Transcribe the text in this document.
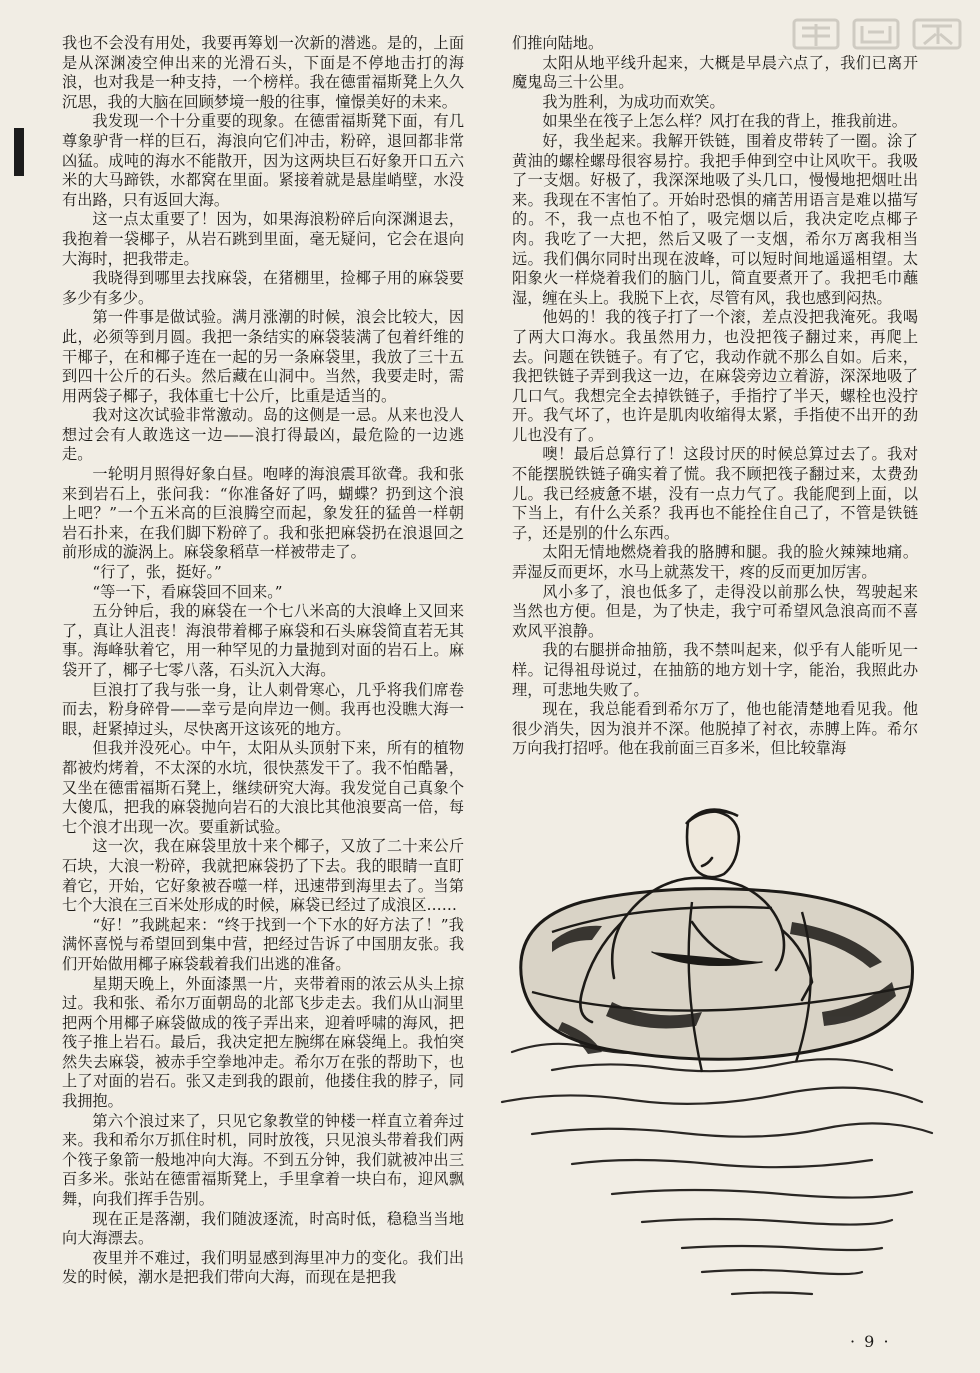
我也不会没有用处，我要再筹划一次新的潜逃。是的，上面是从深渊凌空伸出来的光滑石头，下面是不停地击打的海浪，也对我是一种支持，一个榜样。我在德雷福斯凳上久久沉思，我的大脑在回顾梦境一般的往事，憧憬美好的未来。

我发现一个十分重要的现象。在德雷福斯凳下面，有几尊象驴背一样的巨石，海浪向它们冲击，粉碎，退回都非常凶猛。成吨的海水不能散开，因为这两块巨石好象开口五六米的大马蹄铁，水都窝在里面。紧接着就是悬崖峭壁，水没有出路，只有返回大海。

这一点太重要了！因为，如果海浪粉碎后向深渊退去，我抱着一袋椰子，从岩石跳到里面，毫无疑问，它会在退向大海时，把我带走。

我晓得到哪里去找麻袋，在猪棚里，捡椰子用的麻袋要多少有多少。

第一件事是做试验。满月涨潮的时候，浪会比较大，因此，必须等到月圆。我把一条结实的麻袋装满了包着纤维的干椰子，在和椰子连在一起的另一条麻袋里，我放了三十五到四十公斤的石头。然后藏在山洞中。当然，我要走时，需用两袋子椰子，我体重七十公斤，比重是适当的。

我对这次试验非常激动。岛的这侧是一忌。从来也没人想过会有人敢选这一边——浪打得最凶，最危险的一边逃走。

一轮明月照得好象白昼。咆哮的海浪震耳欲聋。我和张来到岩石上，张问我：“你准备好了吗，蝴蝶？扔到这个浪上吧？”一个五米高的巨浪腾空而起，象发狂的猛兽一样朝岩石扑来，在我们脚下粉碎了。我和张把麻袋扔在浪退回之前形成的漩涡上。麻袋象稻草一样被带走了。

“行了，张，挺好。”

“等一下，看麻袋回不回来。”

五分钟后，我的麻袋在一个七八米高的大浪峰上又回来了，真让人沮丧！海浪带着椰子麻袋和石头麻袋简直若无其事。海峰驮着它，用一种罕见的力量抛到对面的岩石上。麻袋开了，椰子七零八落，石头沉入大海。

巨浪打了我与张一身，让人刺骨寒心，几乎将我们席卷而去，粉身碎骨——幸亏是向岸边一侧。我再也没瞧大海一眼，赶紧掉过头，尽快离开这该死的地方。

但我并没死心。中午，太阳从头顶射下来，所有的植物都被灼烤着，不太深的水坑，很快蒸发干了。我不怕酷暑，又坐在德雷福斯石凳上，继续研究大海。我发觉自己真象个大傻瓜，把我的麻袋抛向岩石的大浪比其他浪要高一倍，每七个浪才出现一次。要重新试验。

这一次，我在麻袋里放十来个椰子，又放了二十来公斤石块，大浪一粉碎，我就把麻袋扔了下去。我的眼睛一直盯着它，开始，它好象被吞噬一样，迅速带到海里去了。当第七个大浪在三百米处形成的时候，麻袋已经过了成浪区……

“好！”我跳起来：“终于找到一个下水的好方法了！”我满怀喜悦与希望回到集中营，把经过告诉了中国朋友张。我们开始做用椰子麻袋载着我们出逃的准备。

星期天晚上，外面漆黑一片，夹带着雨的浓云从头上掠过。我和张、希尔万面朝岛的北部飞步走去。我们从山洞里把两个用椰子麻袋做成的筏子弄出来，迎着呼啸的海风，把筏子推上岩石。最后，我决定把左腕绑在麻袋绳上。我怕突然失去麻袋，被赤手空拳地冲走。希尔万在张的帮助下，也上了对面的岩石。张又走到我的跟前，他搂住我的脖子，同我拥抱。

第六个浪过来了，只见它象教堂的钟楼一样直立着奔过来。我和希尔万抓住时机，同时放筏，只见浪头带着我们两个筏子象箭一般地冲向大海。不到五分钟，我们就被冲出三百多米。张站在德雷福斯凳上，手里拿着一块白布，迎风飘舞，向我们挥手告别。

现在正是落潮，我们随波逐流，时高时低，稳稳当当地向大海漂去。

夜里并不难过，我们明显感到海里冲力的变化。我们出发的时候，潮水是把我们带向大海，而现在是把我

们推向陆地。

太阳从地平线升起来，大概是早晨六点了，我们已离开魔鬼岛三十公里。

我为胜利，为成功而欢笑。

如果坐在筏子上怎么样？风打在我的背上，推我前进。

好，我坐起来。我解开铁链，围着皮带转了一圈。涂了黄油的螺栓螺母很容易拧。我把手伸到空中让风吹干。我吸了一支烟。好极了，我深深地吸了头几口，慢慢地把烟吐出来。我现在不害怕了。开始时恐惧的痛苦用语言是难以描写的。不，我一点也不怕了，吸完烟以后，我决定吃点椰子肉。我吃了一大把，然后又吸了一支烟，希尔万离我相当远。我们偶尔同时出现在波峰，可以短时间地遥遥相望。太阳象火一样烧着我们的脑门儿，简直要煮开了。我把毛巾蘸湿，缠在头上。我脱下上衣，尽管有风，我也感到闷热。

他妈的！我的筏子打了一个滚，差点没把我淹死。我喝了两大口海水。我虽然用力，也没把筏子翻过来，再爬上去。问题在铁链子。有了它，我动作就不那么自如。后来，我把铁链子弄到我这一边，在麻袋旁边立着游，深深地吸了几口气。我想完全去掉铁链子，手指拧了半天，螺栓也没拧开。我气坏了，也许是肌肉收缩得太紧，手指使不出开的劲儿也没有了。

噢！最后总算行了！这段讨厌的时候总算过去了。我对不能摆脱铁链子确实着了慌。我不顾把筏子翻过来，太费劲儿。我已经疲惫不堪，没有一点力气了。我能爬到上面，以下当上，有什么关系？我再也不能拴住自己了，不管是铁链子，还是别的什么东西。

太阳无情地燃烧着我的胳膊和腿。我的脸火辣辣地痛。弄湿反而更坏，水马上就蒸发干，疼的反而更加厉害。

风小多了，浪也低多了，走得没以前那么快，驾驶起来当然也方便。但是，为了快走，我宁可希望风急浪高而不喜欢风平浪静。

我的右腿拼命抽筋，我不禁叫起来，似乎有人能听见一样。记得祖母说过，在抽筋的地方划十字，能治，我照此办理，可悲地失败了。

现在，我总能看到希尔万了，他也能清楚地看见我。他很少消失，因为浪并不深。他脱掉了衬衣，赤膊上阵。希尔万向我打招呼。他在我前面三百多米，但比较靠海

· 9 ·
